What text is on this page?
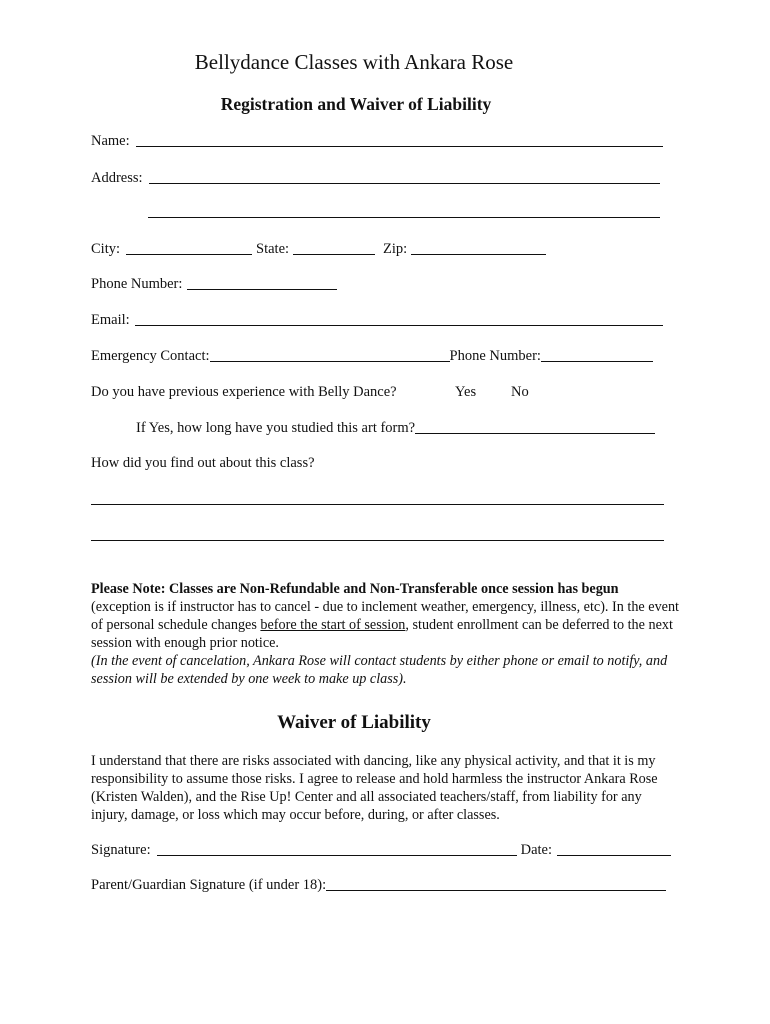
Bellydance Classes with Ankara Rose
Registration and Waiver of Liability
Name:
Address:
City:	State:	Zip:
Phone Number:
Email:
Emergency Contact:	Phone Number:
Do you have previous experience with Belly Dance?	Yes No
If Yes, how long have you studied this art form?
How did you find out about this class?
Please Note: Classes are Non-Refundable and Non-Transferable once session has begun
(exception is if instructor has to cancel - due to inclement weather, emergency, illness, etc). In the event of personal schedule changes before the start of session, student enrollment can be deferred to the next session with enough prior notice.
(In the event of cancelation, Ankara Rose will contact students by either phone or email to notify, and session will be extended by one week to make up class).
Waiver of Liability
I understand that there are risks associated with dancing, like any physical activity, and that it is my responsibility to assume those risks. I agree to release and hold harmless the instructor Ankara Rose (Kristen Walden), and the Rise Up! Center and all associated teachers/staff, from liability for any injury, damage, or loss which may occur before, during, or after classes.
Signature:	Date:
Parent/Guardian Signature (if under 18):
